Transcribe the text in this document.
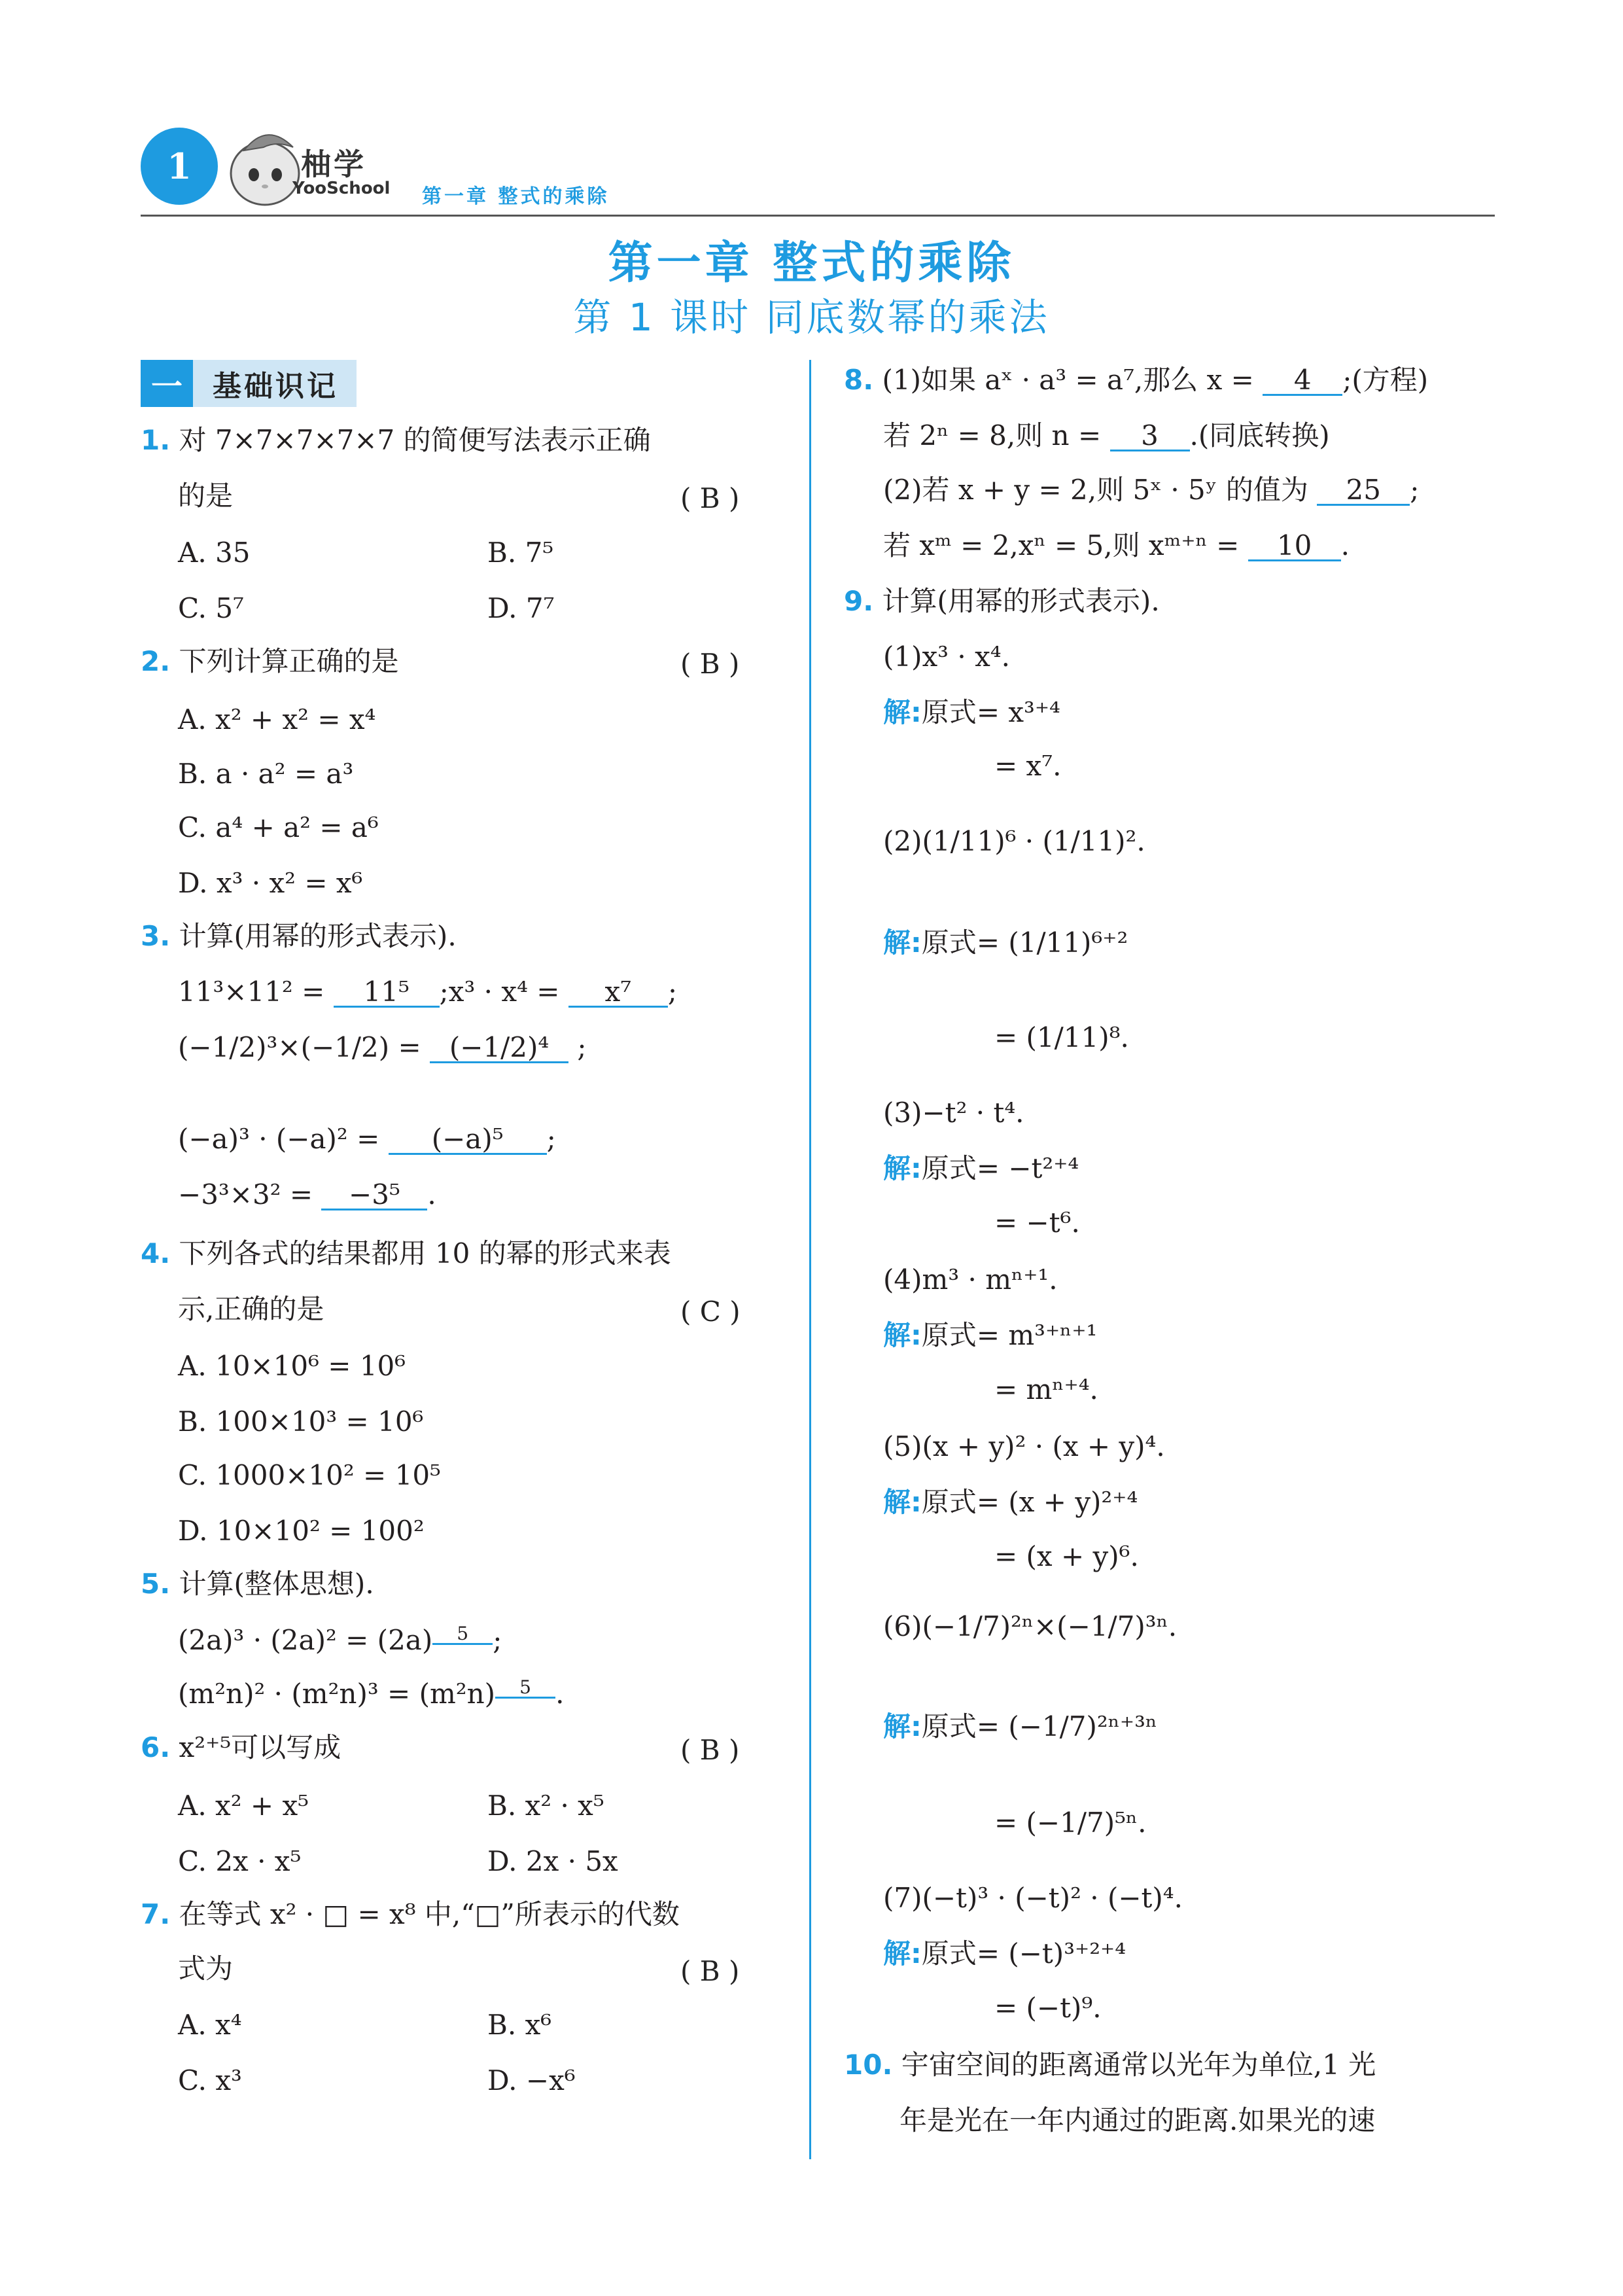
1	柚学
YooSchool 第一章 整式的乘除
第一章 整式的乘除
第 1 课时 同底数幂的乘法
一	基础识记
1. 对 7×7×7×7×7 的简便写法表示正确
的是	( B )
A. 35	B. 7⁵
C. 5⁷	D. 7⁷
2. 下列计算正确的是	( B )
A. x² + x² = x⁴
B. a · a² = a³
C. a⁴ + a² = a⁶
D. x³ · x² = x⁶
3. 计算(用幂的形式表示).
11³×11² = 11⁵ ;x³ · x⁴ = x⁷ ;
(−1/2)³×(−1/2) = (−1/2)⁴ ;
(−a)³ · (−a)² = (−a)⁵ ;
−3³×3² = −3⁵ .
4. 下列各式的结果都用 10 的幂的形式来表
示,正确的是	( C )
A. 10×10⁶ = 10⁶
B. 100×10³ = 10⁶
C. 1000×10² = 10⁵
D. 10×10² = 100²
5. 计算(整体思想).
(2a)³ · (2a)² = (2a) $^5$ ;
(m²n)² · (m²n)³ = (m²n) $^5$ .
6. x²⁺⁵可以写成	( B )
A. x² + x⁵	B. x² · x⁵
C. 2x · x⁵	D. 2x · 5x
7. 在等式 x² · □ = x⁸ 中,“□”所表示的代数
式为	( B )
A. x⁴	B. x⁶
C. x³	D. −x⁶
8. (1)如果 aˣ · a³ = a⁷,那么 x = 4 ;(方程)
若 2ⁿ = 8,则 n = 3 .(同底转换)
(2)若 x + y = 2,则 5ˣ · 5ʸ 的值为 25 ;
若 xᵐ = 2,xⁿ = 5,则 xᵐ⁺ⁿ = 10 .
9. 计算(用幂的形式表示).
(1)x³ · x⁴.
解:原式= x³⁺⁴
= x⁷.
(2)(1/11)⁶ · (1/11)².
解:原式= (1/11)⁶⁺²
= (1/11)⁸.
(3)−t² · t⁴.
解:原式= −t²⁺⁴
= −t⁶.
(4)m³ · mⁿ⁺¹.
解:原式= m³⁺ⁿ⁺¹
= mⁿ⁺⁴.
(5)(x + y)² · (x + y)⁴.
解:原式= (x + y)²⁺⁴
= (x + y)⁶.
(6)(−1/7)²ⁿ×(−1/7)³ⁿ.
解:原式= (−1/7)²ⁿ⁺³ⁿ
= (−1/7)⁵ⁿ.
(7)(−t)³ · (−t)² · (−t)⁴.
解:原式= (−t)³⁺²⁺⁴
= (−t)⁹.
10. 宇宙空间的距离通常以光年为单位,1 光
年是光在一年内通过的距离.如果光的速
